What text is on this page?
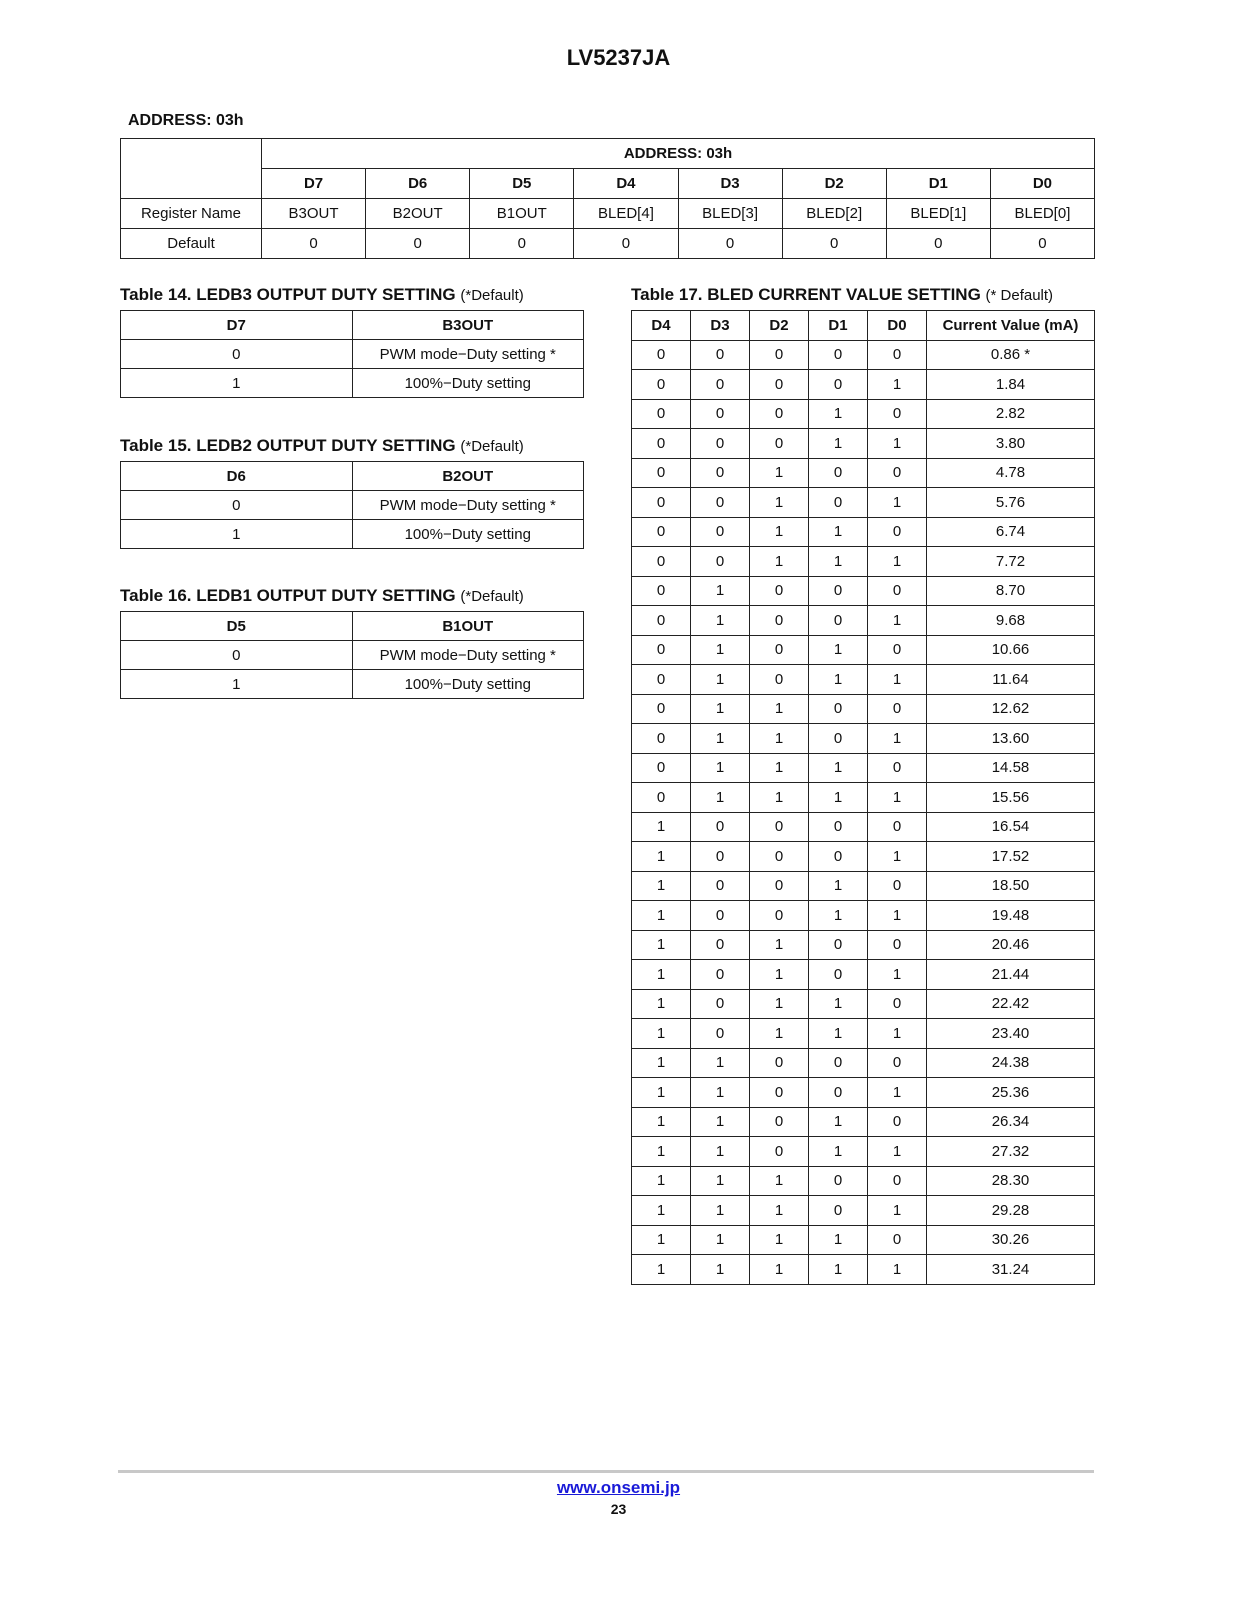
LV5237JA
ADDRESS: 03h
	ADDRESS: 03h							
	D7	D6	D5	D4	D3	D2	D1	D0
Register Name	B3OUT	B2OUT	B1OUT	BLED[4]	BLED[3]	BLED[2]	BLED[1]	BLED[0]
Default	0	0	0	0	0	0	0	0

Table 14. LEDB3 OUTPUT DUTY SETTING (*Default)

D7	B3OUT
0	PWM mode−Duty setting *
1	100%−Duty setting

Table 15. LEDB2 OUTPUT DUTY SETTING (*Default)

D6	B2OUT
0	PWM mode−Duty setting *
1	100%−Duty setting

Table 16. LEDB1 OUTPUT DUTY SETTING (*Default)

D5	B1OUT
0	PWM mode−Duty setting *
1	100%−Duty setting

Table 17. BLED CURRENT VALUE SETTING (* Default)

D4	D3	D2	D1	D0	Current Value (mA)
0	0	0	0	0	0.86 *
0	0	0	0	1	1.84
0	0	0	1	0	2.82
0	0	0	1	1	3.80
0	0	1	0	0	4.78
0	0	1	0	1	5.76
0	0	1	1	0	6.74
0	0	1	1	1	7.72
0	1	0	0	0	8.70
0	1	0	0	1	9.68
0	1	0	1	0	10.66
0	1	0	1	1	11.64
0	1	1	0	0	12.62
0	1	1	0	1	13.60
0	1	1	1	0	14.58
0	1	1	1	1	15.56
1	0	0	0	0	16.54
1	0	0	0	1	17.52
1	0	0	1	0	18.50
1	0	0	1	1	19.48
1	0	1	0	0	20.46
1	0	1	0	1	21.44
1	0	1	1	0	22.42
1	0	1	1	1	23.40
1	1	0	0	0	24.38
1	1	0	0	1	25.36
1	1	0	1	0	26.34
1	1	0	1	1	27.32
1	1	1	0	0	28.30
1	1	1	0	1	29.28
1	1	1	1	0	30.26
1	1	1	1	1	31.24
www.onsemi.jp
23
